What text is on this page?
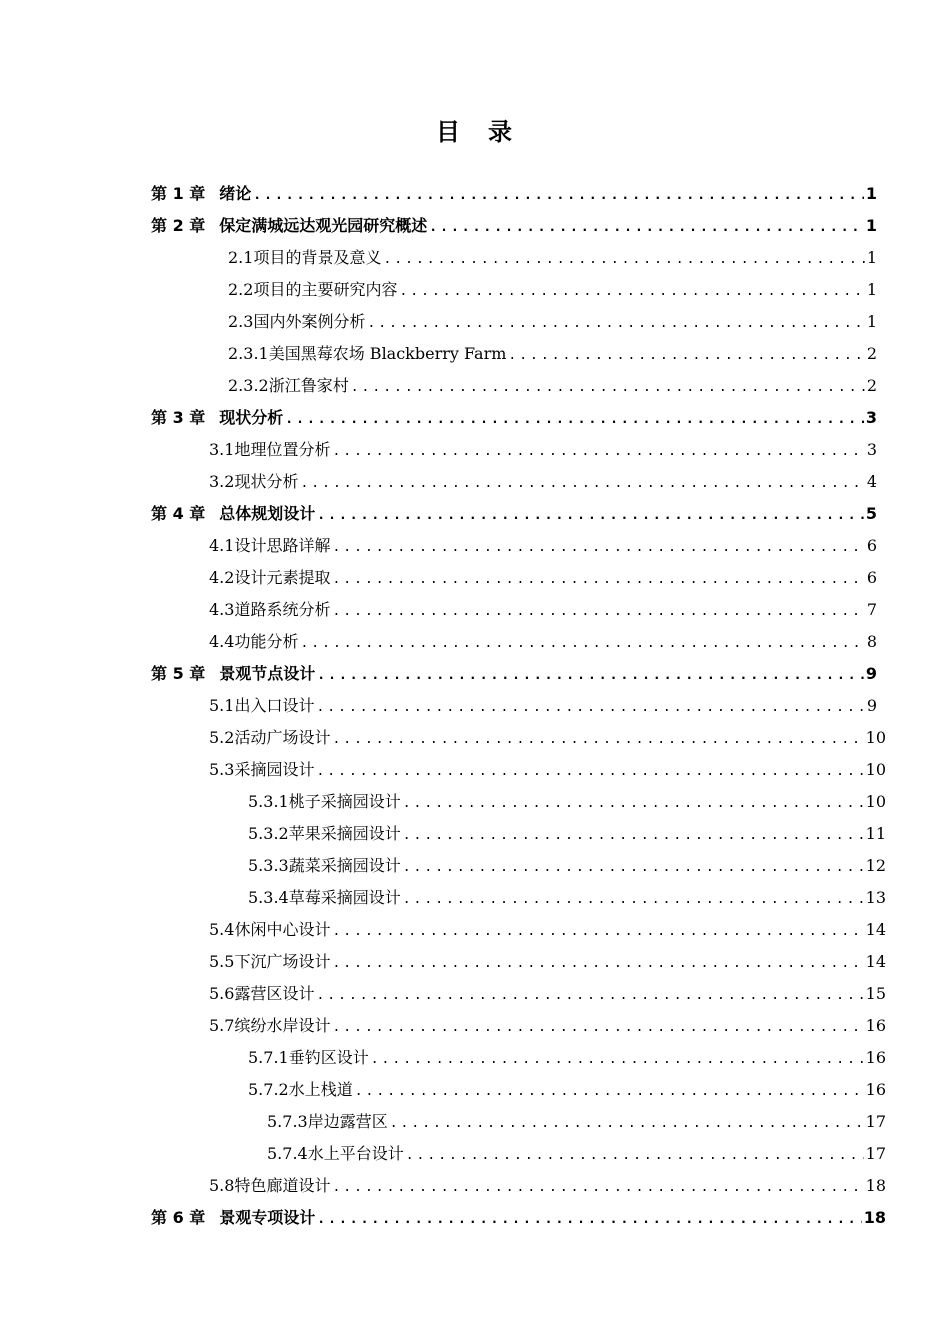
目 录
第 1 章 绪论 .....	1
第 2 章 保定满城远达观光园研究概述 .....	1
2.1 项目的背景及意义 .....	1
2.2 项目的主要研究内容 .....	1
2.3 国内外案例分析 .....	1
2.3.1 美国黑莓农场 Blackberry Farm .....	2
2.3.2 浙江鲁家村 .....	2
第 3 章 现状分析 .....	3
3.1 地理位置分析 .....	3
3.2 现状分析 .....	4
第 4 章 总体规划设计 .....	5
4.1 设计思路详解 .....	6
4.2 设计元素提取 .....	6
4.3 道路系统分析 .....	7
4.4 功能分析 .....	8
第 5 章 景观节点设计 .....	9
5.1 出入口设计 .....	9
5.2 活动广场设计 .....	10
5.3 采摘园设计 .....	10
5.3.1 桃子采摘园设计 .....	10
5.3.2 苹果采摘园设计 .....	11
5.3.3 蔬菜采摘园设计 .....	12
5.3.4 草莓采摘园设计 .....	13
5.4 休闲中心设计 .....	14
5.5 下沉广场设计 .....	14
5.6 露营区设计 .....	15
5.7 缤纷水岸设计 .....	16
5.7.1 垂钓区设计 .....	16
5.7.2 水上栈道 .....	16
5.7.3 岸边露营区 .....	17
5.7.4 水上平台设计 .....	17
5.8 特色廊道设计 .....	18
第 6 章 景观专项设计 .....	18
